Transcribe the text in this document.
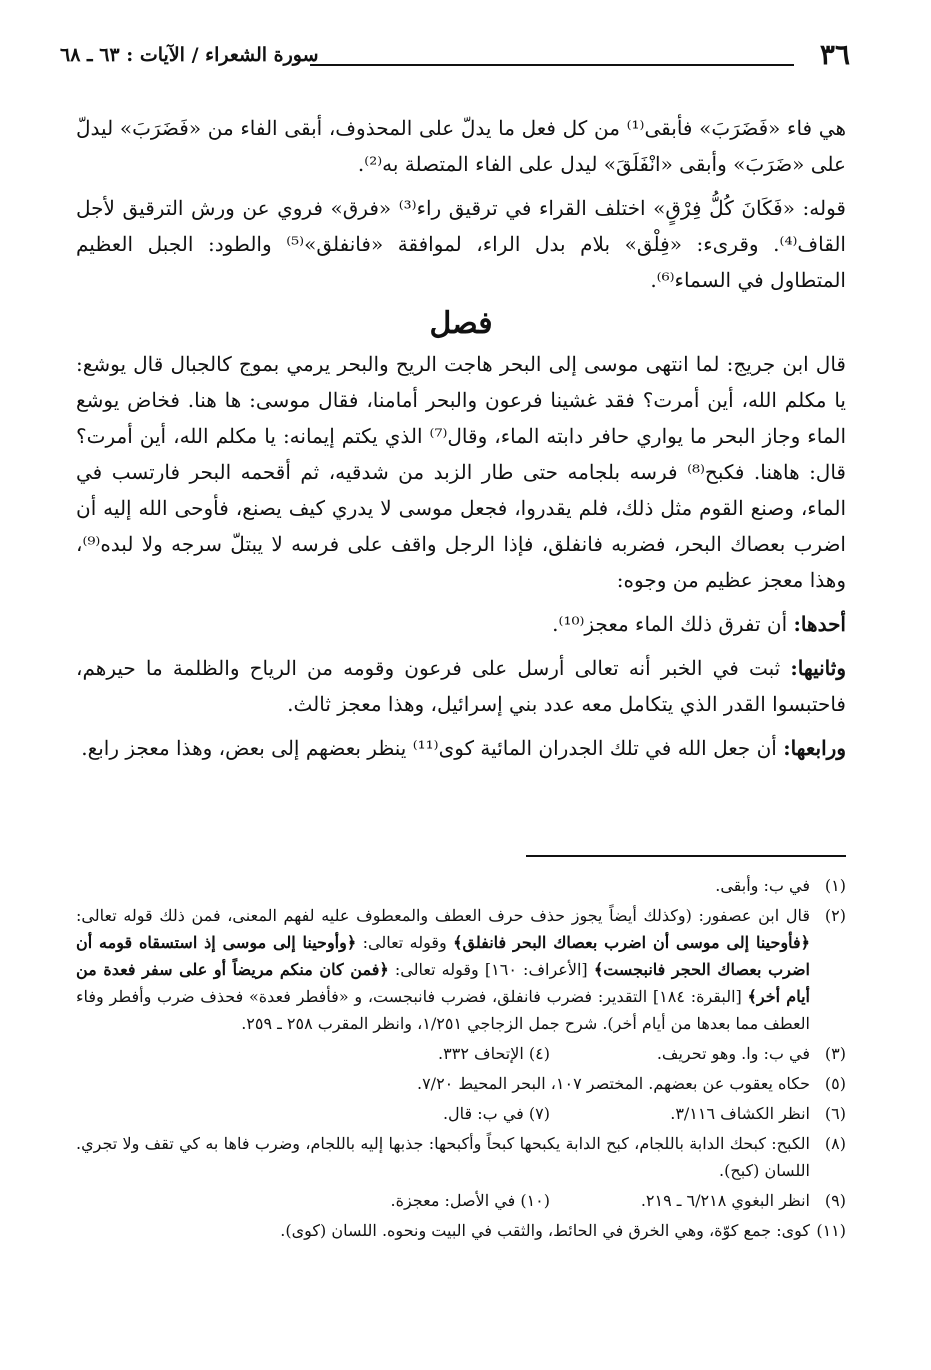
٣٦
سورة الشعراء / الآيات : ٦٣ ـ ٦٨

هي فاء «فَضَرَبَ» فأبقى⁽¹⁾ من كل فعل ما يدلّ على المحذوف، أبقى الفاء من «فَضَرَبَ» ليدلّ على «ضَرَبَ» وأبقى «انْفَلَقَ» ليدل على الفاء المتصلة به⁽²⁾.

قوله: «فَكَانَ كُلُّ فِرْقٍ» اختلف القراء في ترقيق راء⁽³⁾ «فرق» فروي عن ورش الترقيق لأجل القاف⁽⁴⁾. وقرىء: «فِلْق» بلام بدل الراء، لموافقة «فانفلق»⁽⁵⁾ والطود: الجبل العظيم المتطاول في السماء⁽⁶⁾.

فصل

قال ابن جريج: لما انتهى موسى إلى البحر هاجت الريح والبحر يرمي بموج كالجبال قال يوشع: يا مكلم الله، أين أمرت؟ فقد غشينا فرعون والبحر أمامنا، فقال موسى: ها هنا. فخاض يوشع الماء وجاز البحر ما يواري حافر دابته الماء، وقال⁽⁷⁾ الذي يكتم إيمانه: يا مكلم الله، أين أمرت؟ قال: هاهنا. فكبح⁽⁸⁾ فرسه بلجامه حتى طار الزبد من شدقيه، ثم أقحمه البحر فارتسب في الماء، وصنع القوم مثل ذلك، فلم يقدروا، فجعل موسى لا يدري كيف يصنع، فأوحى الله إليه أن اضرب بعصاك البحر، فضربه فانفلق، فإذا الرجل واقف على فرسه لا يبتلّ سرجه ولا لبده⁽⁹⁾، وهذا معجز عظيم من وجوه:

أحدها: أن تفرق ذلك الماء معجز⁽¹⁰⁾.

وثانيها: ثبت في الخبر أنه تعالى أرسل على فرعون وقومه من الرياح والظلمة ما حيرهم، فاحتبسوا القدر الذي يتكامل معه عدد بني إسرائيل، وهذا معجز ثالث.

ورابعها: أن جعل الله في تلك الجدران المائية كوى⁽¹¹⁾ ينظر بعضهم إلى بعض، وهذا معجز رابع.

(١)
في ب: وأبقى.
(٢)
قال ابن عصفور: (وكذلك أيضاً يجوز حذف حرف العطف والمعطوف عليه لفهم المعنى، فمن ذلك قوله تعالى: ﴿فأوحينا إلى موسى أن اضرب بعصاك البحر فانفلق﴾ وقوله تعالى: ﴿وأوحينا إلى موسى إذ استسقاه قومه أن اضرب بعصاك الحجر فانبجست﴾ [الأعراف: ١٦٠] وقوله تعالى: ﴿فمن كان منكم مريضاً أو على سفر فعدة من أيام أخر﴾ [البقرة: ١٨٤] التقدير: فضرب فانفلق، فضرب فانبجست، و «فأفطر فعدة» فحذف ضرب وأفطر وفاء العطف مما بعدها من أيام أخر). شرح جمل الزجاجي ١/٢٥١، وانظر المقرب ٢٥٨ ـ ٢٥٩.
(٣)
في ب: وا. وهو تحريف.
(٤)

الإتحاف ٣٣٢.
(٥)
حكاه يعقوب عن بعضهم. المختصر ١٠٧، البحر المحيط ٧/٢٠.
(٦)
انظر الكشاف ٣/١١٦.
(٧)

في ب: قال.
(٨)
الكبح: كبحك الدابة باللجام، كبح الدابة يكبحها كبحاً وأكبحها: جذبها إليه باللجام، وضرب فاها به كي تقف ولا تجري. اللسان (كبح).
(٩)
انظر البغوي ٦/٢١٨ ـ ٢١٩.
(١٠)

في الأصل: معجزة.
(١١)
كوى: جمع كوّة، وهي الخرق في الحائط، والثقب في البيت ونحوه. اللسان (كوى).
